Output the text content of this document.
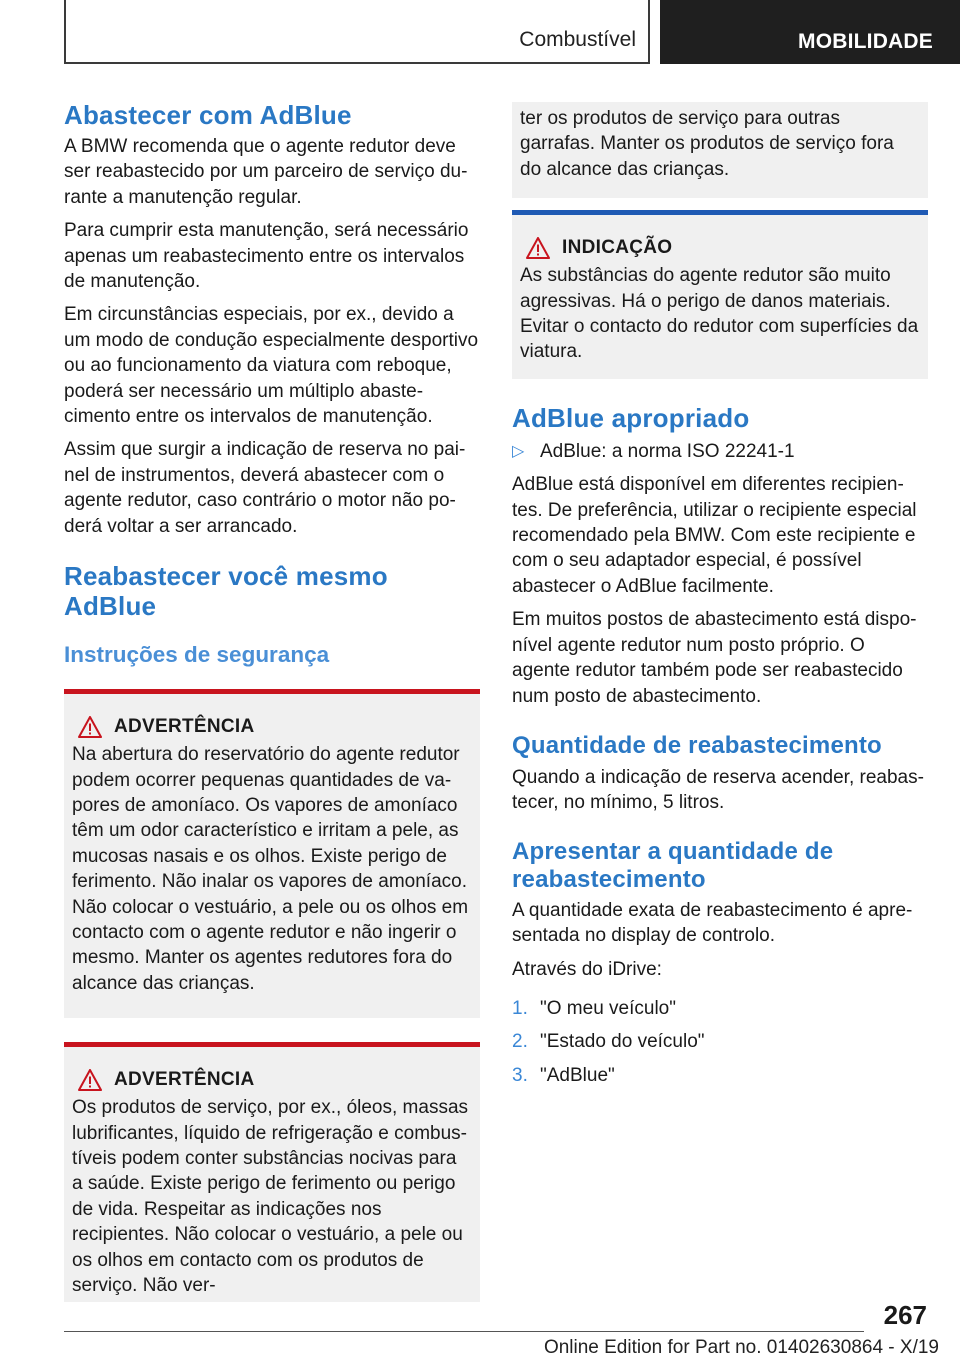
Combustível	MOBILIDADE
Abastecer com AdBlue

A BMW recomenda que o agente redutor deve ser reabastecido por um parceiro de serviço durante a manutenção regular.

Para cumprir esta manutenção, será necessário apenas um reabastecimento entre os intervalos de manutenção.

Em circunstâncias especiais, por ex., devido a um modo de condução especialmente desportivo ou ao funcionamento da viatura com reboque, poderá ser necessário um múltiplo abastecimento entre os intervalos de manutenção.

Assim que surgir a indicação de reserva no painel de instrumentos, deverá abastecer com o agente redutor, caso contrário o motor não poderá voltar a ser arrancado.

Reabastecer você mesmo AdBlue
Instruções de segurança
ADVERTÊNCIA
Na abertura do reservatório do agente redutor podem ocorrer pequenas quantidades de vapores de amoníaco. Os vapores de amoníaco têm um odor característico e irritam a pele, as mucosas nasais e os olhos. Existe perigo de ferimento. Não inalar os vapores de amoníaco. Não colocar o vestuário, a pele ou os olhos em contacto com o agente redutor e não ingerir o mesmo. Manter os agentes redutores fora do alcance das crianças.
ADVERTÊNCIA
Os produtos de serviço, por ex., óleos, massas lubrificantes, líquido de refrigeração e combustíveis podem conter substâncias nocivas para a saúde. Existe perigo de ferimento ou perigo de vida. Respeitar as indicações nos recipientes. Não colocar o vestuário, a pele ou os olhos em contacto com os produtos de serviço. Não ver-
ter os produtos de serviço para outras garrafas. Manter os produtos de serviço fora do alcance das crianças.
INDICAÇÃO
As substâncias do agente redutor são muito agressivas. Há o perigo de danos materiais. Evitar o contacto do redutor com superfícies da viatura.
AdBlue apropriado
▷ AdBlue: a norma ISO 22241-1

AdBlue está disponível em diferentes recipientes. De preferência, utilizar o recipiente especial recomendado pela BMW. Com este recipiente e com o seu adaptador especial, é possível abastecer o AdBlue facilmente.

Em muitos postos de abastecimento está disponível agente redutor num posto próprio. O agente redutor também pode ser reabastecido num posto de abastecimento.

Quantidade de reabastecimento

Quando a indicação de reserva acender, reabastecer, no mínimo, 5 litros.

Apresentar a quantidade de reabastecimento

A quantidade exata de reabastecimento é apresentada no display de controlo.

Através do iDrive:

1. "O meu veículo"
2. "Estado do veículo"
3. "AdBlue"
267
Online Edition for Part no. 01402630864 - X/19
